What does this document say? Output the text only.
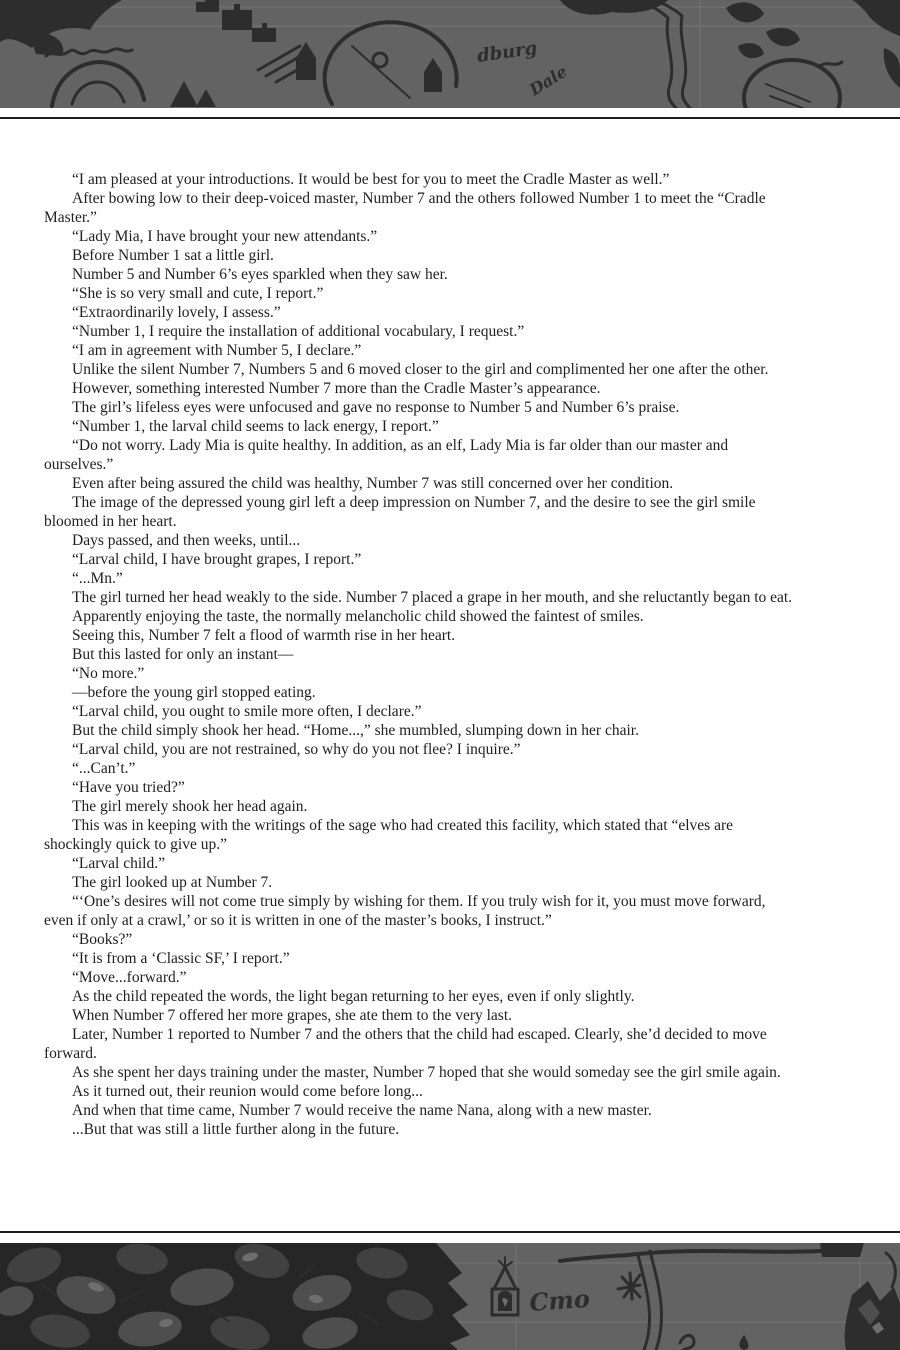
dburg
Dale

“I am pleased at your introductions. It would be best for you to meet the Cradle Master as well.”

After bowing low to their deep-voiced master, Number 7 and the others followed Number 1 to meet the “Cradle Master.”

“Lady Mia, I have brought your new attendants.”

Before Number 1 sat a little girl.

Number 5 and Number 6’s eyes sparkled when they saw her.

“She is so very small and cute, I report.”

“Extraordinarily lovely, I assess.”

“Number 1, I require the installation of additional vocabulary, I request.”

“I am in agreement with Number 5, I declare.”

Unlike the silent Number 7, Numbers 5 and 6 moved closer to the girl and complimented her one after the other.

However, something interested Number 7 more than the Cradle Master’s appearance.

The girl’s lifeless eyes were unfocused and gave no response to Number 5 and Number 6’s praise.

“Number 1, the larval child seems to lack energy, I report.”

“Do not worry. Lady Mia is quite healthy. In addition, as an elf, Lady Mia is far older than our master and ourselves.”

Even after being assured the child was healthy, Number 7 was still concerned over her condition.

The image of the depressed young girl left a deep impression on Number 7, and the desire to see the girl smile bloomed in her heart.

Days passed, and then weeks, until...

“Larval child, I have brought grapes, I report.”

“...Mn.”

The girl turned her head weakly to the side. Number 7 placed a grape in her mouth, and she reluctantly began to eat.

Apparently enjoying the taste, the normally melancholic child showed the faintest of smiles.

Seeing this, Number 7 felt a flood of warmth rise in her heart.

But this lasted for only an instant—

“No more.”

—before the young girl stopped eating.

“Larval child, you ought to smile more often, I declare.”

But the child simply shook her head. “Home...,” she mumbled, slumping down in her chair.

“Larval child, you are not restrained, so why do you not flee? I inquire.”

“...Can’t.”

“Have you tried?”

The girl merely shook her head again.

This was in keeping with the writings of the sage who had created this facility, which stated that “elves are shockingly quick to give up.”

“Larval child.”

The girl looked up at Number 7.

“‘One’s desires will not come true simply by wishing for them. If you truly wish for it, you must move forward, even if only at a crawl,’ or so it is written in one of the master’s books, I instruct.”

“Books?”

“It is from a ‘Classic SF,’ I report.”

“Move...forward.”

As the child repeated the words, the light began returning to her eyes, even if only slightly.

When Number 7 offered her more grapes, she ate them to the very last.

Later, Number 1 reported to Number 7 and the others that the child had escaped. Clearly, she’d decided to move forward.

As she spent her days training under the master, Number 7 hoped that she would someday see the girl smile again.

As it turned out, their reunion would come before long...

And when that time came, Number 7 would receive the name Nana, along with a new master.

...But that was still a little further along in the future.

Cmo
